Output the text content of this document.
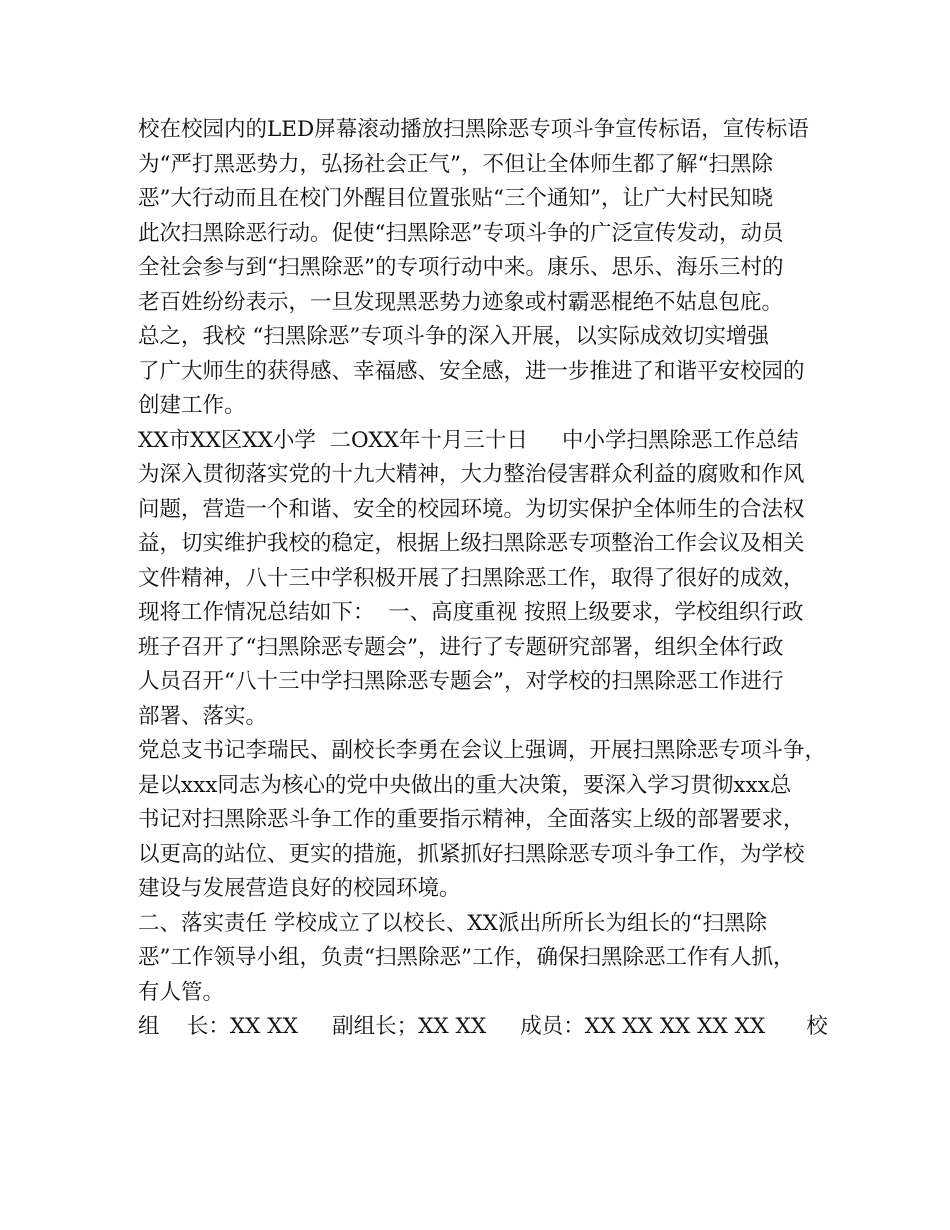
校在校园内的LED屏幕滚动播放扫黑除恶专项斗争宣传标语，宣传标语
为“严打黑恶势力，弘扬社会正气”，不但让全体师生都了解“扫黑除
恶”大行动而且在校门外醒目位置张贴“三个通知”，让广大村民知晓
此次扫黑除恶行动。促使“扫黑除恶”专项斗争的广泛宣传发动，动员
全社会参与到“扫黑除恶”的专项行动中来。康乐、思乐、海乐三村的
老百姓纷纷表示，一旦发现黑恶势力迹象或村霸恶棍绝不姑息包庇。
总之，我校 “扫黑除恶”专项斗争的深入开展，以实际成效切实增强
了广大师生的获得感、幸福感、安全感，进一步推进了和谐平安校园的
创建工作。
XX市XX区XX小学  二OXX年十月三十日     中小学扫黑除恶工作总结
为深入贯彻落实党的十九大精神，大力整治侵害群众利益的腐败和作风
问题，营造一个和谐、安全的校园环境。为切实保护全体师生的合法权
益，切实维护我校的稳定，根据上级扫黑除恶专项整治工作会议及相关
文件精神，八十三中学积极开展了扫黑除恶工作，取得了很好的成效，
现将工作情况总结如下：  一、高度重视 按照上级要求，学校组织行政
班子召开了“扫黑除恶专题会”，进行了专题研究部署，组织全体行政
人员召开“八十三中学扫黑除恶专题会”，对学校的扫黑除恶工作进行
部署、落实。
党总支书记李瑞民、副校长李勇在会议上强调，开展扫黑除恶专项斗争，
是以xxx同志为核心的党中央做出的重大决策，要深入学习贯彻xxx总
书记对扫黑除恶斗争工作的重要指示精神，全面落实上级的部署要求，
以更高的站位、更实的措施，抓紧抓好扫黑除恶专项斗争工作，为学校
建设与发展营造良好的校园环境。
二、落实责任 学校成立了以校长、XX派出所所长为组长的“扫黑除
恶”工作领导小组，负责“扫黑除恶”工作，确保扫黑除恶工作有人抓，
有人管。
组    长：XX XX     副组长；XX XX     成员：XX XX XX XX XX      校
